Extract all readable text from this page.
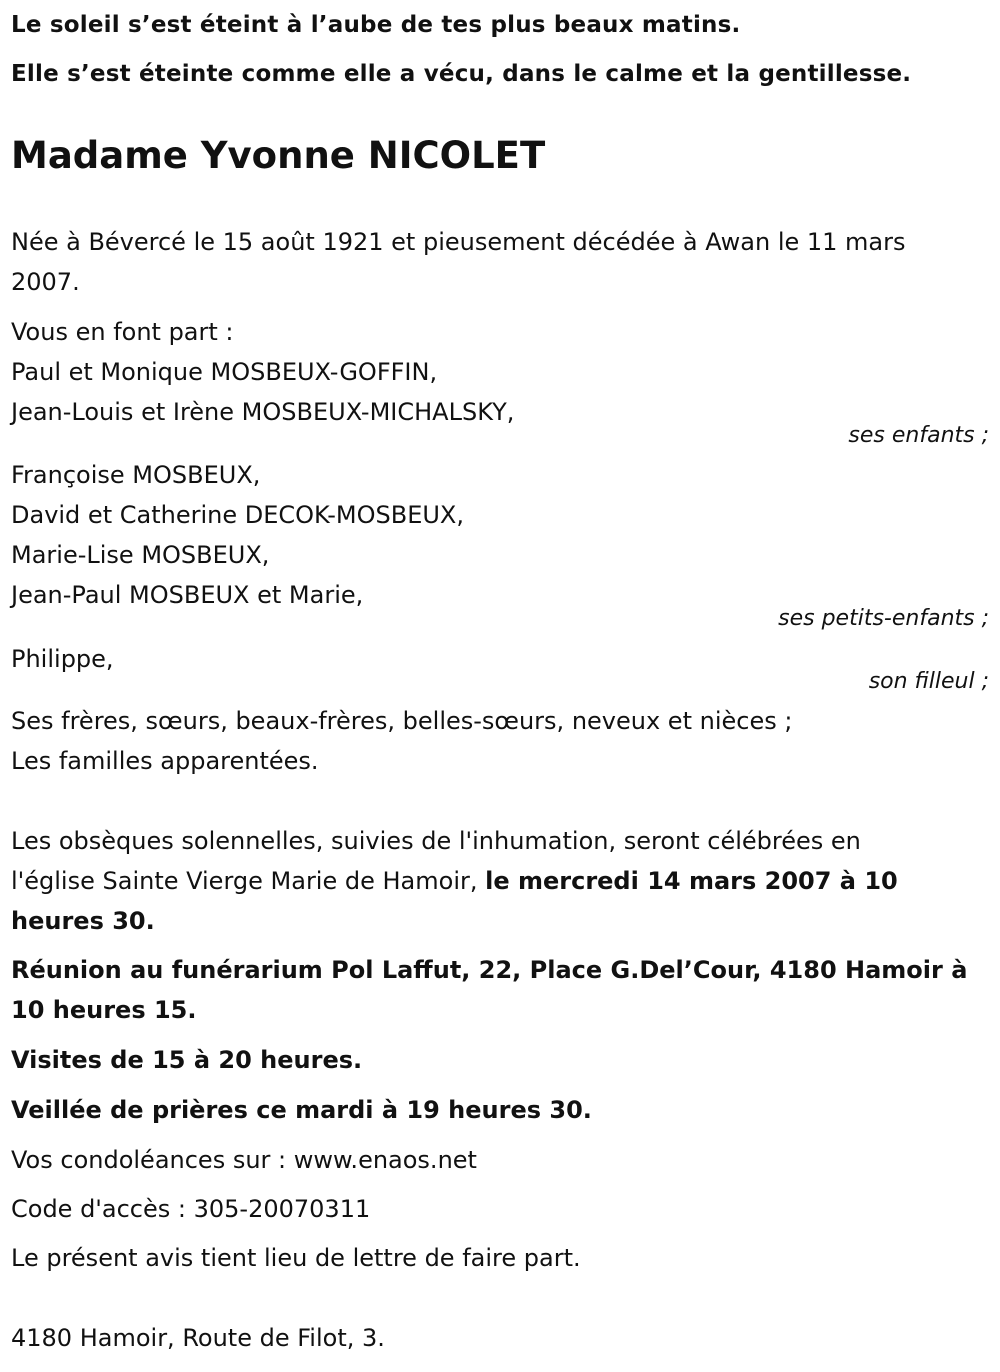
Le soleil s’est éteint à l’aube de tes plus beaux matins.
Elle s’est éteinte comme elle a vécu, dans le calme et la gentillesse.
Madame Yvonne NICOLET
Née à Bévercé le 15 août 1921 et pieusement décédée à Awan le 11 mars
2007.
Vous en font part :
Paul et Monique MOSBEUX-GOFFIN,
Jean-Louis et Irène MOSBEUX-MICHALSKY,
ses enfants ;
Françoise MOSBEUX,
David et Catherine DECOK-MOSBEUX,
Marie-Lise MOSBEUX,
Jean-Paul MOSBEUX et Marie,
ses petits-enfants ;
Philippe,
son filleul ;
Ses frères, sœurs, beaux-frères, belles-sœurs, neveux et nièces ;
Les familles apparentées.
Les obsèques solennelles, suivies de l'inhumation, seront célébrées en
l'église Sainte Vierge Marie de Hamoir, le mercredi 14 mars 2007 à 10
heures 30.
Réunion au funérarium Pol Laffut, 22, Place G.Del’Cour, 4180 Hamoir à
10 heures 15.
Visites de 15 à 20 heures.
Veillée de prières ce mardi à 19 heures 30.
Vos condoléances sur : www.enaos.net
Code d'accès : 305-20070311
Le présent avis tient lieu de lettre de faire part.
4180 Hamoir, Route de Filot, 3.
